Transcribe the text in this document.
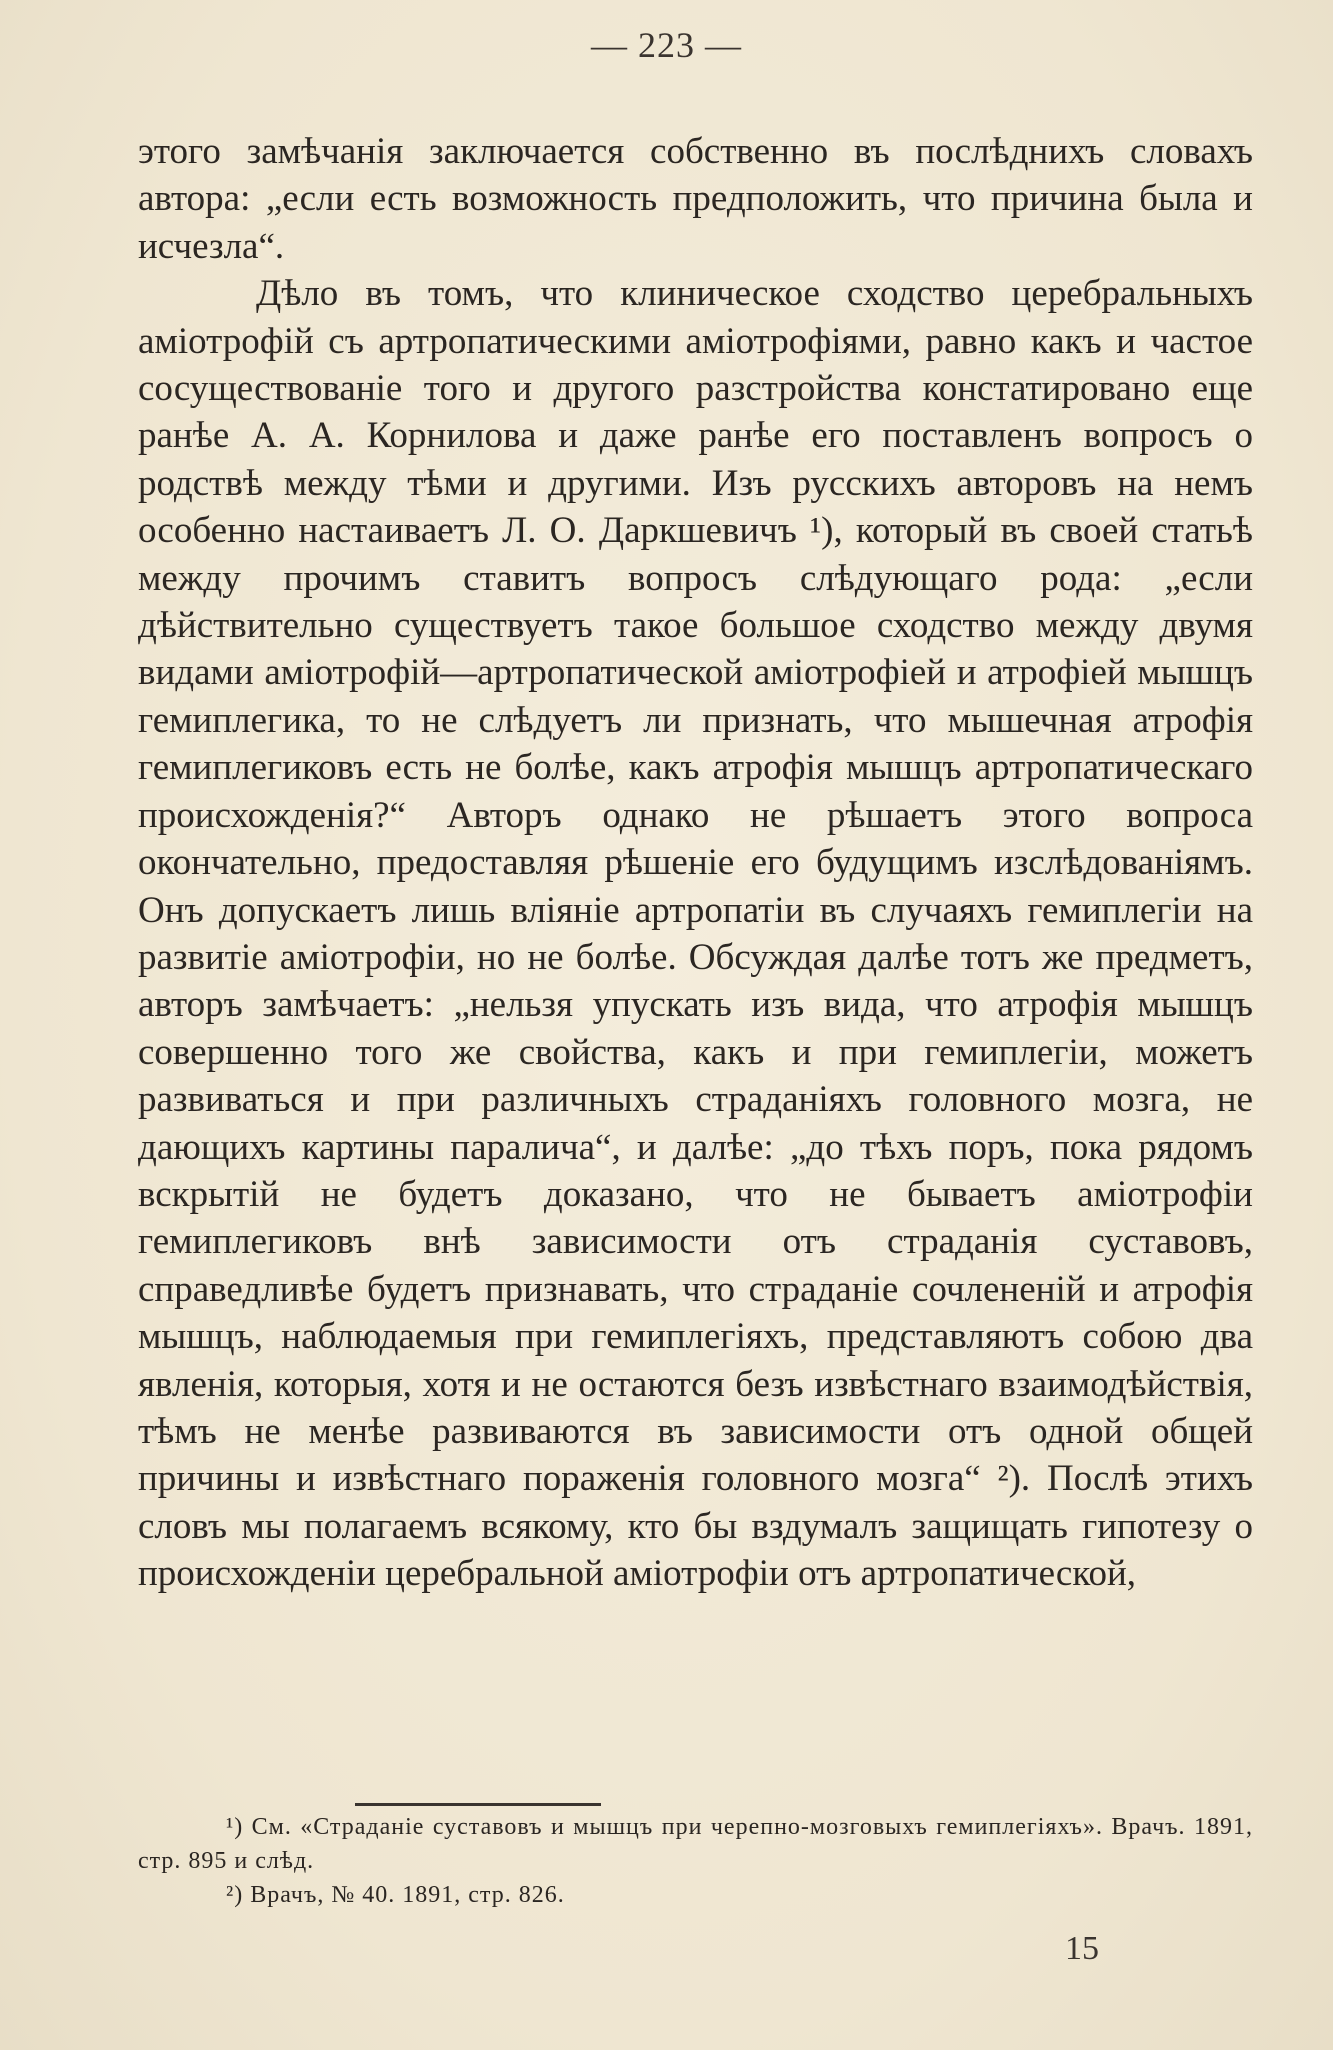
— 223 —

этого замѣчанія заключается собственно въ послѣднихъ словахъ автора: „если есть возможность предположить, что причина была и исчезла“.

Дѣло въ томъ, что клиническое сходство церебральныхъ аміотрофій съ артропатическими аміотрофіями, равно какъ и частое сосуществованіе того и другого разстройства констатировано еще ранѣе А. А. Корнилова и даже ранѣе его поставленъ вопросъ о родствѣ между тѣми и другими. Изъ русскихъ авторовъ на немъ особенно настаиваетъ Л. О. Даркшевичъ ¹), который въ своей статьѣ между прочимъ ставитъ вопросъ слѣдующаго рода: „если дѣйствительно существуетъ такое большое сходство между двумя видами аміотрофій—артропатической аміотрофіей и атрофіей мышцъ гемиплегика, то не слѣдуетъ ли признать, что мышечная атрофія гемиплегиковъ есть не болѣе, какъ атрофія мышцъ артропатическаго происхожденія?“ Авторъ однако не рѣшаетъ этого вопроса окончательно, предоставляя рѣшеніе его будущимъ изслѣдованіямъ. Онъ допускаетъ лишь вліяніе артропатіи въ случаяхъ гемиплегіи на развитіе аміотрофіи, но не болѣе. Обсуждая далѣе тотъ же предметъ, авторъ замѣчаетъ: „нельзя упускать изъ вида, что атрофія мышцъ совершенно того же свойства, какъ и при гемиплегіи, можетъ развиваться и при различныхъ страданіяхъ головного мозга, не дающихъ картины паралича“, и далѣе: „до тѣхъ поръ, пока рядомъ вскрытій не будетъ доказано, что не бываетъ аміотрофіи гемиплегиковъ внѣ зависимости отъ страданія суставовъ, справедливѣе будетъ признавать, что страданіе сочлененій и атрофія мышцъ, наблюдаемыя при гемиплегіяхъ, представляютъ собою два явленія, которыя, хотя и не остаются безъ извѣстнаго взаимодѣйствія, тѣмъ не менѣе развиваются въ зависимости отъ одной общей причины и извѣстнаго пораженія головного мозга“ ²). Послѣ этихъ словъ мы полагаемъ всякому, кто бы вздумалъ защищать гипотезу о происхожденіи церебральной аміотрофіи отъ артропатической,

¹) См. «Страданіе суставовъ и мышцъ при черепно-мозговыхъ гемиплегіяхъ». Врачъ. 1891, стр. 895 и слѣд.

²) Врачъ, № 40. 1891, стр. 826.

15
